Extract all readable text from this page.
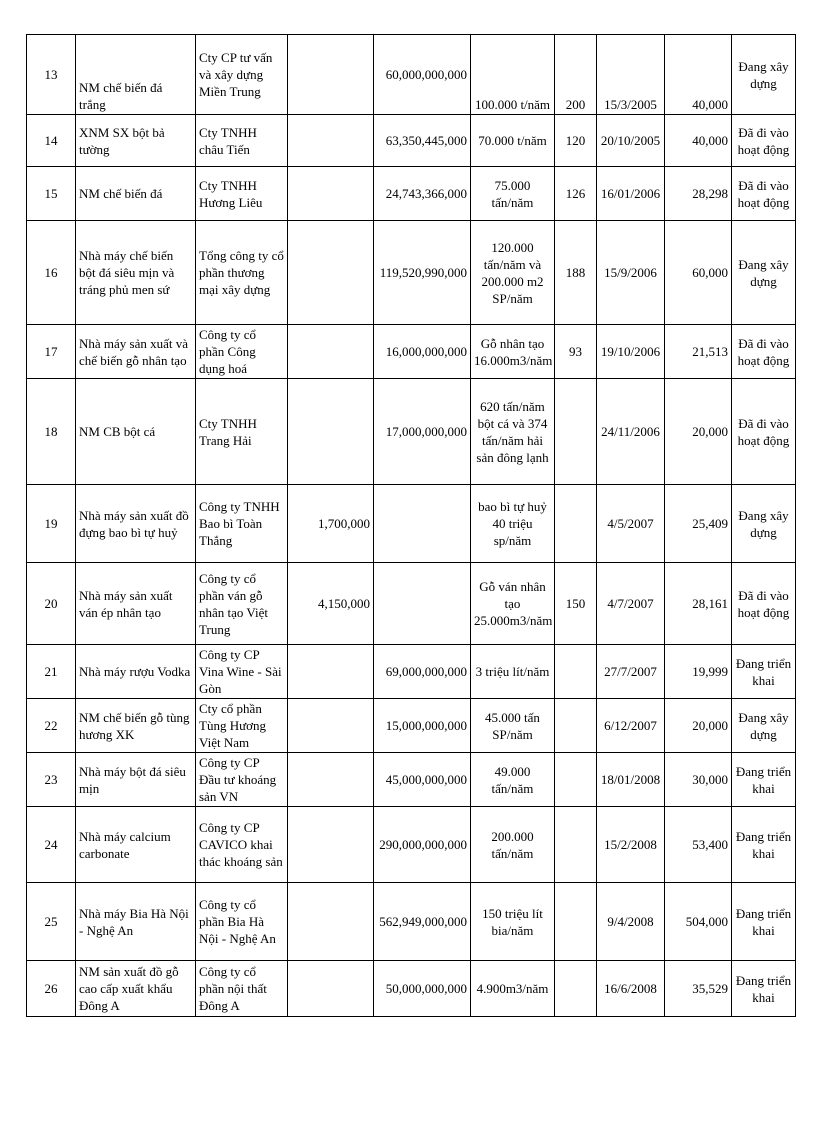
13	NM chế biến đá trắng	Cty CP tư vấn và xây dựng Miền Trung		60,000,000,000	100.000 t/năm	200	15/3/2005	40,000	Đang xây dựng
14	XNM SX bột bả tường	Cty TNHH châu Tiến		63,350,445,000	70.000 t/năm	120	20/10/2005	40,000	Đã đi vào hoạt động
15	NM chế biến đá	Cty TNHH Hương Liêu		24,743,366,000	75.000 tấn/năm	126	16/01/2006	28,298	Đã đi vào hoạt động
16	Nhà máy chế biến bột đá siêu mịn và tráng phủ men sứ	Tổng công ty cổ phần thương mại xây dựng		119,520,990,000	120.000 tấn/năm và 200.000 m2 SP/năm	188	15/9/2006	60,000	Đang xây dựng
17	Nhà máy sản xuất và chế biến gỗ nhân tạo	Công ty cổ phần Công dụng hoá		16,000,000,000	Gỗ nhân tạo 16.000m3/năm	93	19/10/2006	21,513	Đã đi vào hoạt động
18	NM CB bột cá	Cty TNHH Trang Hải		17,000,000,000	620 tấn/năm bột cá và 374 tấn/năm hải sản đông lạnh		24/11/2006	20,000	Đã đi vào hoạt động
19	Nhà máy sản xuất đồ đựng bao bì tự huỷ	Công ty TNHH Bao bì Toàn Thắng	1,700,000		bao bì tự huỷ 40 triệu sp/năm		4/5/2007	25,409	Đang xây dựng
20	Nhà máy sản xuất ván ép nhân tạo	Công ty cổ phần ván gỗ nhân tạo Việt Trung	4,150,000		Gỗ ván nhân tạo 25.000m3/năm	150	4/7/2007	28,161	Đã đi vào hoạt động
21	Nhà máy rượu Vodka	Công ty CP Vina Wine - Sài Gòn		69,000,000,000	3 triệu lít/năm		27/7/2007	19,999	Đang triển khai
22	NM chế biến gỗ tùng hương XK	Cty cổ phần Tùng Hương Việt Nam		15,000,000,000	45.000 tấn SP/năm		6/12/2007	20,000	Đang xây dựng
23	Nhà máy bột đá siêu mịn	Công ty CP Đầu tư khoáng sản VN		45,000,000,000	49.000 tấn/năm		18/01/2008	30,000	Đang triển khai
24	Nhà máy calcium carbonate	Công ty CP CAVICO khai thác khoáng sản		290,000,000,000	200.000 tấn/năm		15/2/2008	53,400	Đang triển khai
25	Nhà máy Bia Hà Nội - Nghệ An	Công ty cổ phần Bia Hà Nội - Nghệ An		562,949,000,000	150 triệu lít bia/năm		9/4/2008	504,000	Đang triển khai
26	NM sản xuất đồ gỗ cao cấp xuất khẩu Đông A	Công ty cổ phần nội thất Đông A		50,000,000,000	4.900m3/năm		16/6/2008	35,529	Đang triển khai
